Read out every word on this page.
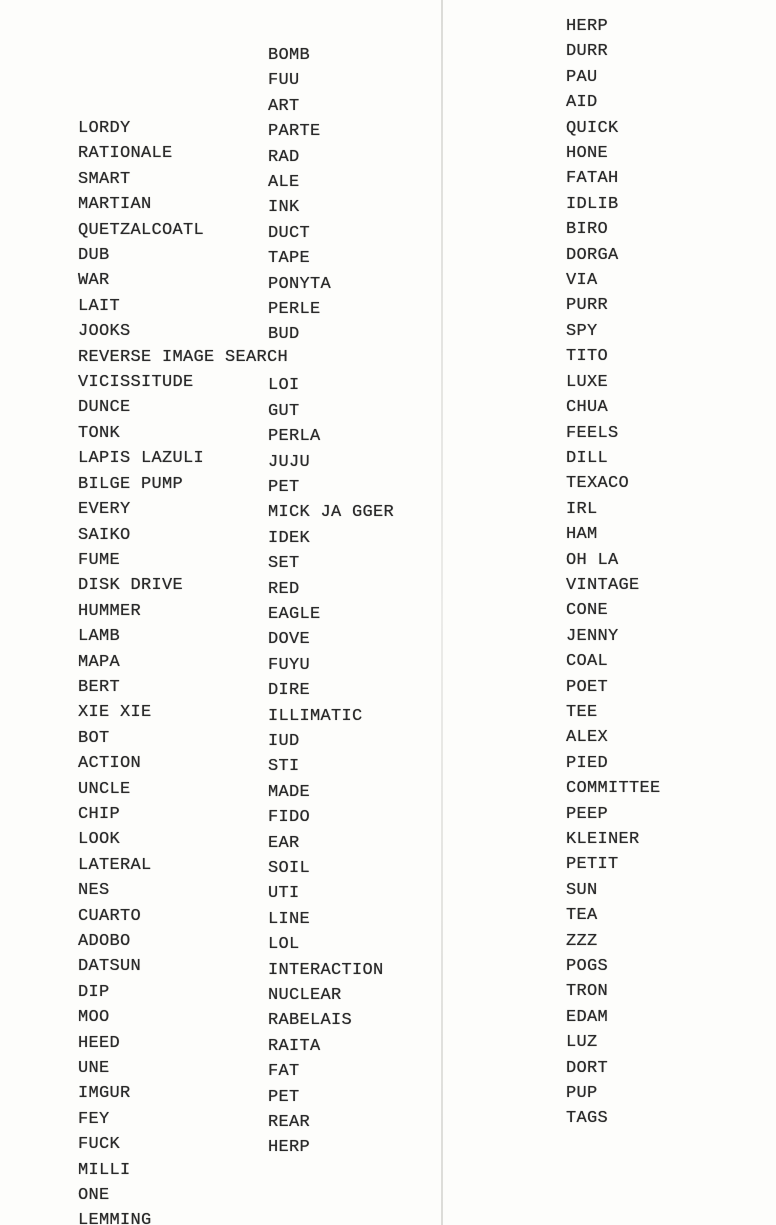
LORDY
RATIONALE
SMART
MARTIAN
QUETZALCOATL
DUB
WAR
LAIT
JOOKS
REVERSE IMAGE SEARCH
VICISSITUDE
DUNCE
TONK
LAPIS LAZULI
BILGE PUMP
EVERY
SAIKO
FUME
DISK DRIVE
HUMMER
LAMB
MAPA
BERT
XIE XIE
BOT
ACTION
UNCLE
CHIP
LOOK
LATERAL
NES
CUARTO
ADOBO
DATSUN
DIP
MOO
HEED
UNE
IMGUR
FEY
FUCK
MILLI
ONE
LEMMING
BOMB
FUU
ART
PARTE
RAD
ALE
INK
DUCT
TAPE
PONYTA
PERLE
BUD

LOI
GUT
PERLA
JUJU
PET
MICK JA GGER
IDEK
SET
RED
EAGLE
DOVE
FUYU
DIRE
ILLIMATIC
IUD
STI
MADE
FIDO
EAR
SOIL
UTI
LINE
LOL
INTERACTION
NUCLEAR
RABELAIS
RAITA
FAT
PET
REAR
HERP
HERP
DURR
PAU
AID
QUICK
HONE
FATAH
IDLIB
BIRO
DORGA
VIA
PURR
SPY
TITO
LUXE
CHUA
FEELS
DILL
TEXACO
IRL
HAM
OH LA
VINTAGE
CONE
JENNY
COAL
POET
TEE
ALEX
PIED
COMMITTEE
PEEP
KLEINER
PETIT
SUN
TEA
ZZZ
POGS
TRON
EDAM
LUZ
DORT
PUP
TAGS
